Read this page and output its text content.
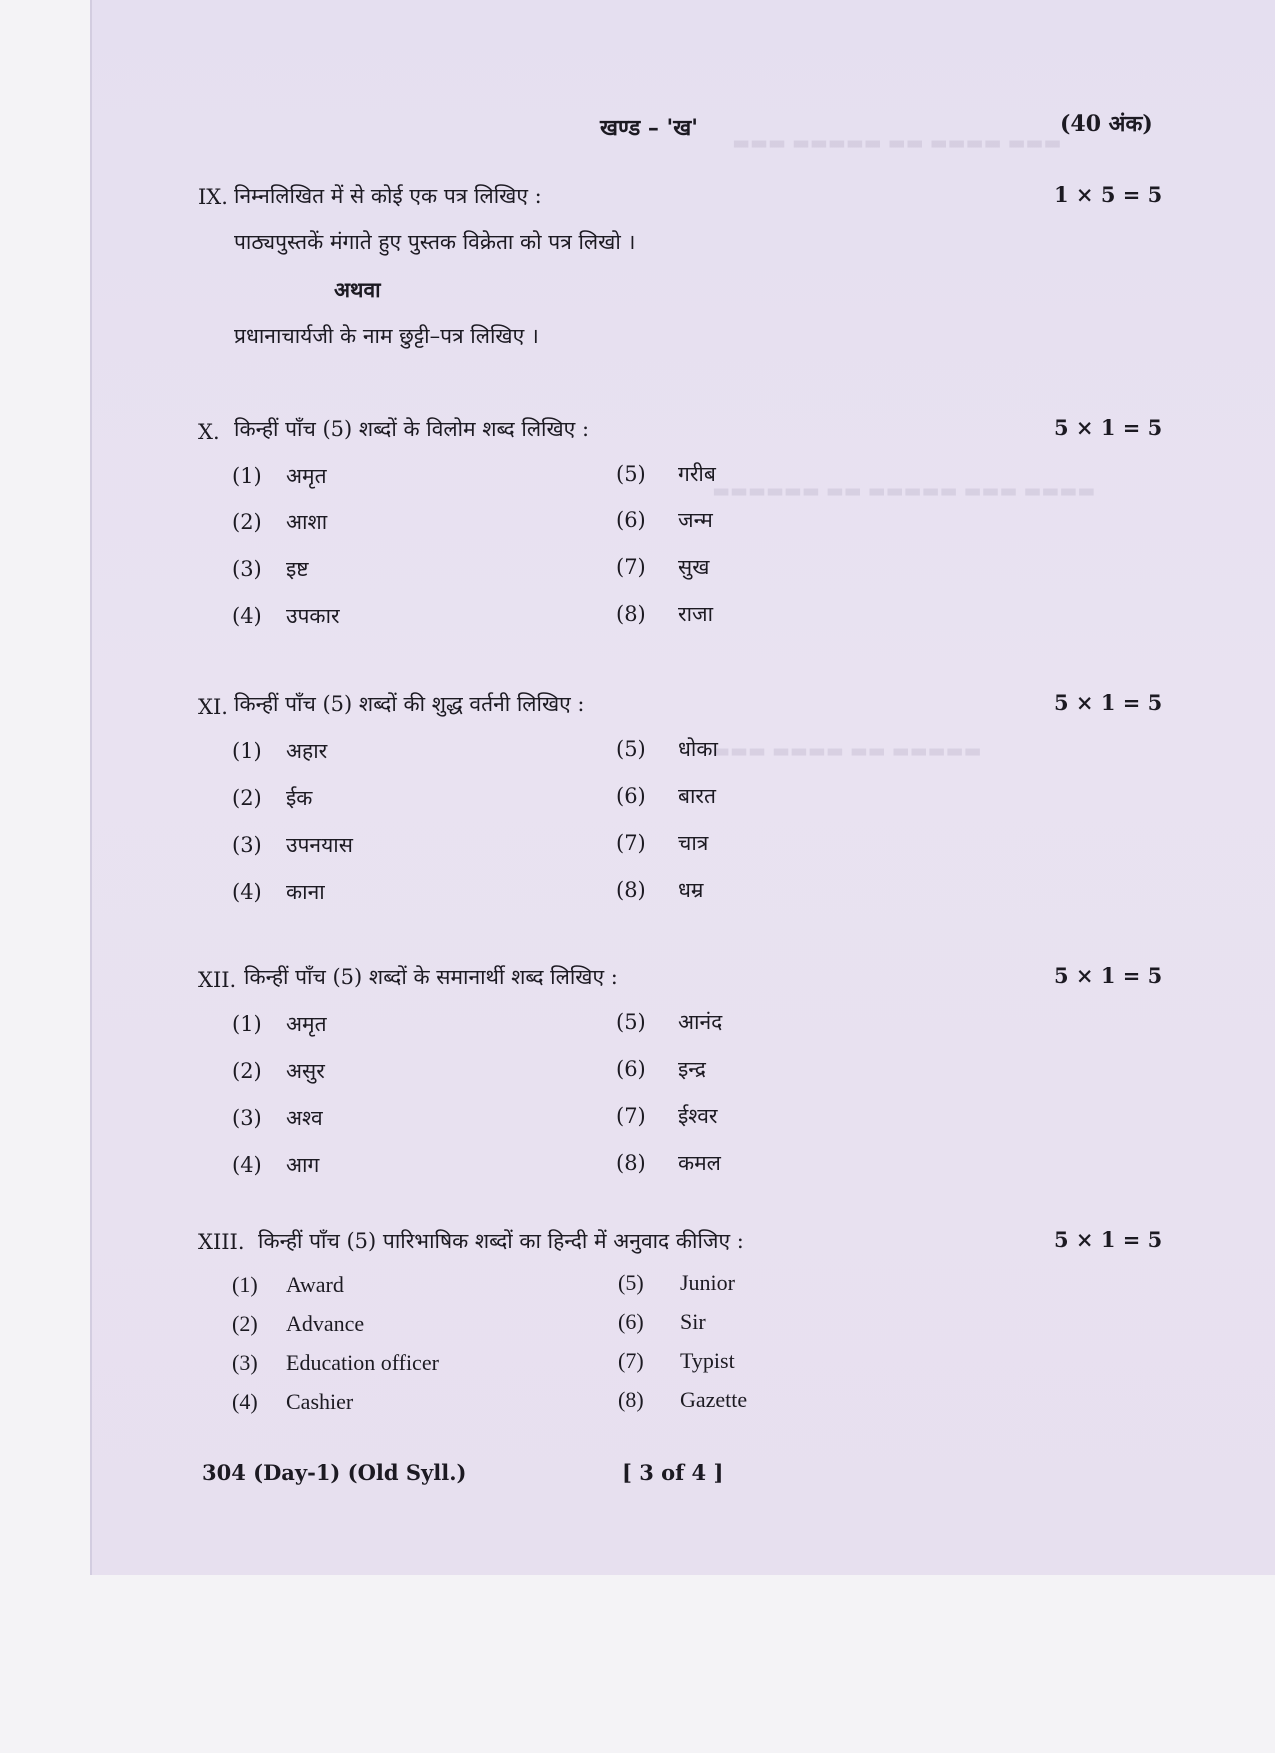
▬▬▬ ▬▬▬▬ ▬▬ ▬▬▬▬▬ ▬▬▬
▬▬▬▬ ▬▬▬ ▬▬▬▬▬ ▬▬ ▬▬▬▬▬▬
▬▬▬▬▬ ▬▬ ▬▬▬▬ ▬▬▬
खण्ड – 'ख'	(40 अंक)
IX. निम्नलिखित में से कोई एक पत्र लिखिए :	1 × 5 = 5
पाठ्यपुस्तकें मंगाते हुए पुस्तक विक्रेता को पत्र लिखो ।
अथवा
प्रधानाचार्यजी के नाम छुट्टी–पत्र लिखिए ।
X. किन्हीं पाँच (5) शब्दों के विलोम शब्द लिखिए :	5 × 1 = 5
(1) अमृत
(2) आशा
(3) इष्ट
(4) उपकार
(5) गरीब
(6) जन्म
(7) सुख
(8) राजा
XI. किन्हीं पाँच (5) शब्दों की शुद्ध वर्तनी लिखिए :	5 × 1 = 5
(1) अहार
(2) ईक
(3) उपनयास
(4) काना
(5) धोका
(6) बारत
(7) चात्र
(8) धम्र
XII. किन्हीं पाँच (5) शब्दों के समानार्थी शब्द लिखिए :	5 × 1 = 5
(1) अमृत
(2) असुर
(3) अश्व
(4) आग
(5) आनंद
(6) इन्द्र
(7) ईश्वर
(8) कमल
XIII. किन्हीं पाँच (5) पारिभाषिक शब्दों का हिन्दी में अनुवाद कीजिए :	5 × 1 = 5
(1) Award
(2) Advance
(3) Education officer
(4) Cashier
(5) Junior
(6) Sir
(7) Typist
(8) Gazette
304 (Day-1) (Old Syll.)	[ 3 of 4 ]
